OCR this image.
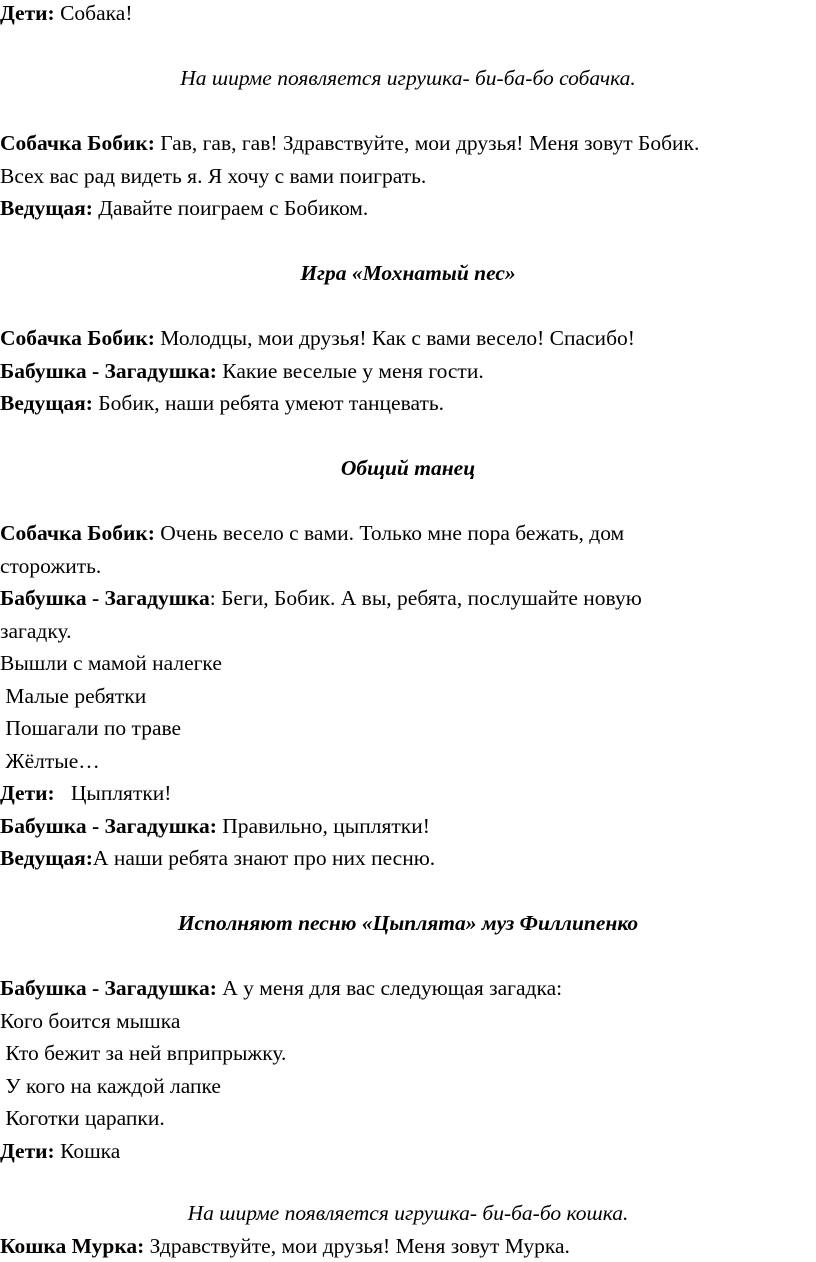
Дети: Собака!
На ширме появляется игрушка- би-ба-бо собачка.
Собачка Бобик: Гав, гав, гав! Здравствуйте, мои друзья! Меня зовут Бобик.
Всех вас рад видеть я. Я хочу с вами поиграть.
Ведущая: Давайте поиграем с Бобиком.
Игра «Мохнатый пес»
Собачка Бобик: Молодцы, мои друзья! Как с вами весело! Спасибо!
Бабушка - Загадушка: Какие веселые у меня гости.
Ведущая: Бобик, наши ребята умеют танцевать.
Общий танец
Собачка Бобик: Очень весело с вами. Только мне пора бежать, дом
сторожить.
Бабушка - Загадушка: Беги, Бобик. А вы, ребята, послушайте новую
загадку.
Вышли с мамой налегке
Малые ребятки
Пошагали по траве
Жёлтые…
Дети:   Цыплятки!
Бабушка - Загадушка: Правильно, цыплятки!
Ведущая:А наши ребята знают про них песню.
Исполняют песню «Цыплята» муз Филлипенко
Бабушка - Загадушка: А у меня для вас следующая загадка:
Кого боится мышка
Кто бежит за ней вприпрыжку.
У кого на каждой лапке
Коготки царапки.
Дети: Кошка
На ширме появляется игрушка- би-ба-бо кошка.
Кошка Мурка: Здравствуйте, мои друзья! Меня зовут Мурка.
